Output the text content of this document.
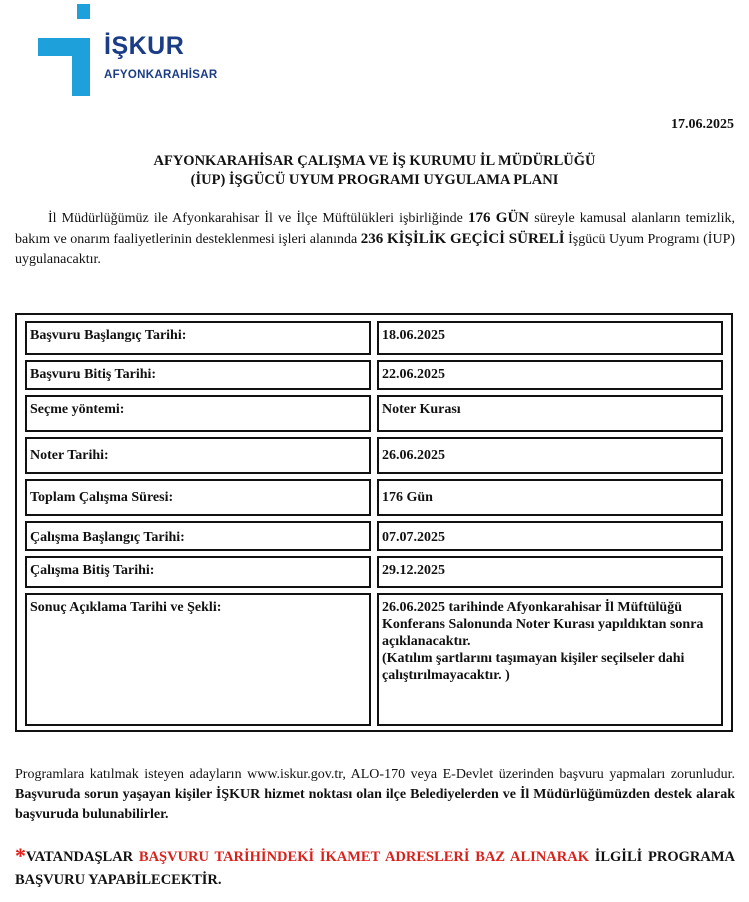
İŞKUR
AFYONKARAHİSAR
17.06.2025
AFYONKARAHİSAR ÇALIŞMA VE İŞ KURUMU İL MÜDÜRLÜĞÜ
(İUP) İŞGÜCÜ UYUM PROGRAMI UYGULAMA PLANI
İl Müdürlüğümüz ile Afyonkarahisar İl ve İlçe Müftülükleri işbirliğinde 176 GÜN süreyle kamusal alanların temizlik, bakım ve onarım faaliyetlerinin desteklenmesi işleri alanında 236 KİŞİLİK GEÇİCİ SÜRELİ İşgücü Uyum Programı (İUP) uygulanacaktır.
Başvuru Başlangıç Tarihi:	18.06.2025
Başvuru Bitiş Tarihi:	22.06.2025
Seçme yöntemi:	Noter Kurası
Noter Tarihi:	26.06.2025
Toplam Çalışma Süresi:	176 Gün
Çalışma Başlangıç Tarihi:	07.07.2025
Çalışma Bitiş Tarihi:	29.12.2025
Sonuç Açıklama Tarihi ve Şekli:	26.06.2025 tarihinde Afyonkarahisar İl Müftülüğü Konferans Salonunda Noter Kurası yapıldıktan sonra açıklanacaktır.
(Katılım şartlarını taşımayan kişiler seçilseler dahi çalıştırılmayacaktır. )
Programlara katılmak isteyen adayların www.iskur.gov.tr, ALO-170 veya E-Devlet üzerinden başvuru yapmaları zorunludur. Başvuruda sorun yaşayan kişiler İŞKUR hizmet noktası olan ilçe Belediyelerden ve İl Müdürlüğümüzden destek alarak başvuruda bulunabilirler.
*VATANDAŞLAR BAŞVURU TARİHİNDEKİ İKAMET ADRESLERİ BAZ ALINARAK İLGİLİ PROGRAMA BAŞVURU YAPABİLECEKTİR.
